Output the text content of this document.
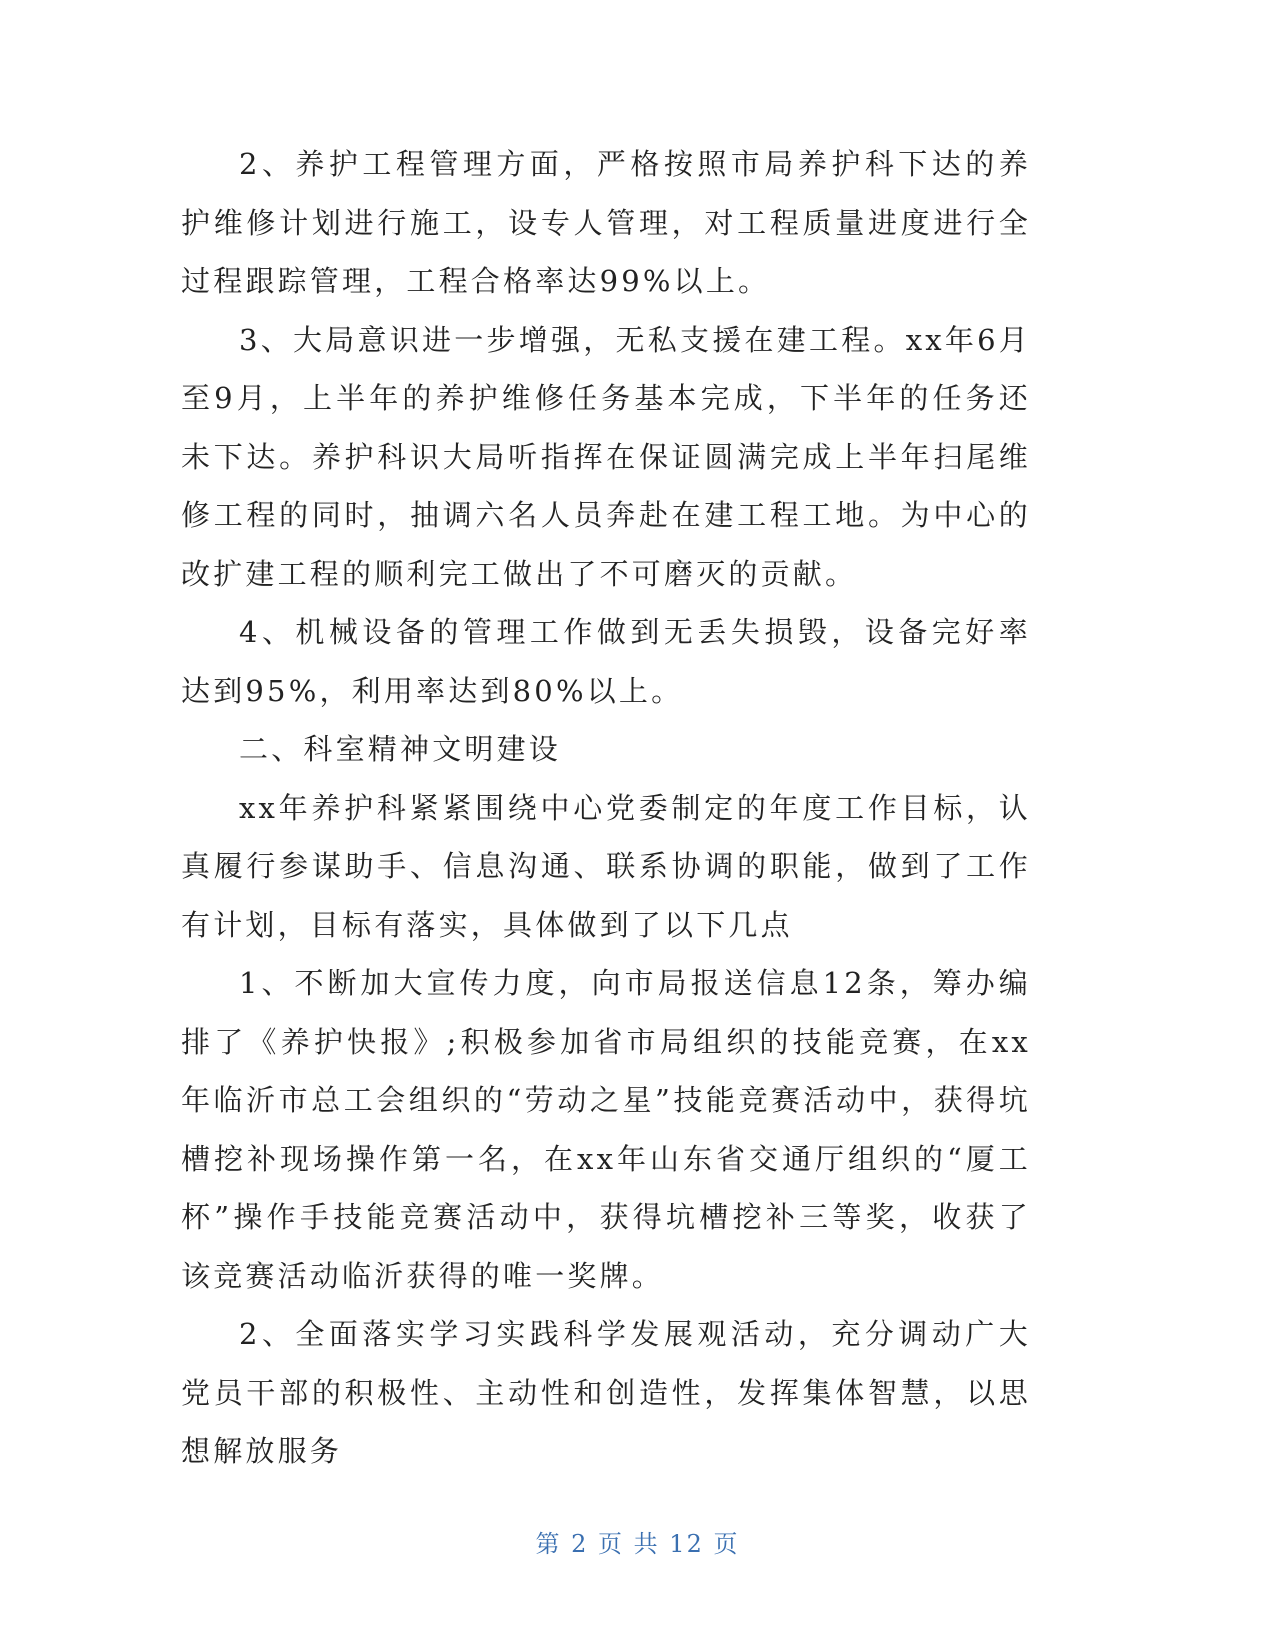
2、养护工程管理方面，严格按照市局养护科下达的养护维修计划进行施工，设专人管理，对工程质量进度进行全过程跟踪管理，工程合格率达99%以上。

3、大局意识进一步增强，无私支援在建工程。xx年6月至9月，上半年的养护维修任务基本完成，下半年的任务还未下达。养护科识大局听指挥在保证圆满完成上半年扫尾维修工程的同时，抽调六名人员奔赴在建工程工地。为中心的改扩建工程的顺利完工做出了不可磨灭的贡献。

4、机械设备的管理工作做到无丢失损毁，设备完好率达到95%，利用率达到80%以上。

二、科室精神文明建设

xx年养护科紧紧围绕中心党委制定的年度工作目标，认真履行参谋助手、信息沟通、联系协调的职能，做到了工作有计划，目标有落实，具体做到了以下几点

1、不断加大宣传力度，向市局报送信息12条，筹办编排了《养护快报》;积极参加省市局组织的技能竞赛，在xx年临沂市总工会组织的“劳动之星”技能竞赛活动中，获得坑槽挖补现场操作第一名，在xx年山东省交通厅组织的“厦工杯”操作手技能竞赛活动中，获得坑槽挖补三等奖，收获了该竞赛活动临沂获得的唯一奖牌。

2、全面落实学习实践科学发展观活动，充分调动广大党员干部的积极性、主动性和创造性，发挥集体智慧，以思想解放服务

第 2 页 共 12 页
